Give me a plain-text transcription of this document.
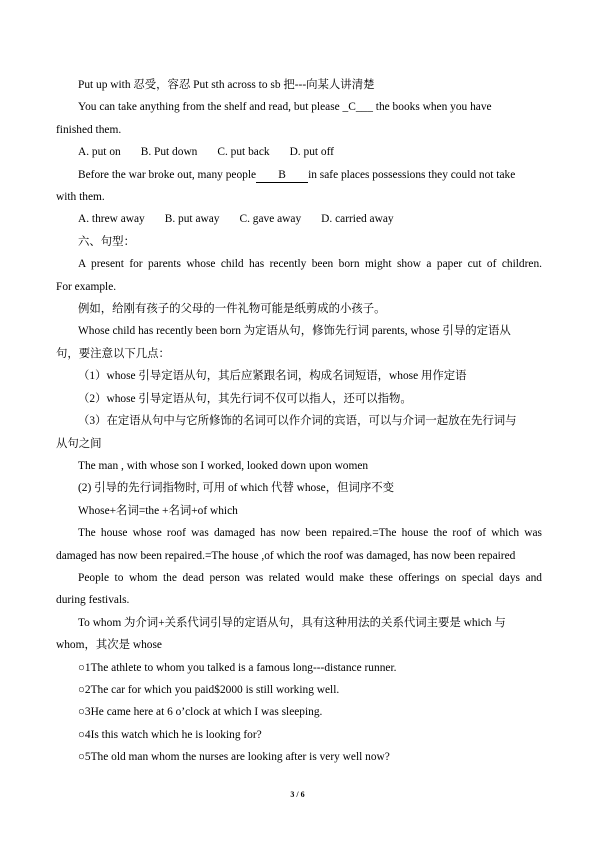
Put up with 忍受，容忍 Put sth across to sb 把---向某人讲清楚
You can take anything from the shelf and read, but please _C___ the books when you have
finished them.
A. put on B. Put down C. put back D. put off
Before the war broke out, many people B in safe places possessions they could not take
with them.
A. threw away B. put away C. gave away D. carried away
六、句型：
A present for parents whose child has recently been born might show a paper cut of children.
For example.
例如，给刚有孩子的父母的一件礼物可能是纸剪成的小孩子。
Whose child has recently been born 为定语从句，修饰先行词 parents, whose 引导的定语从
句，要注意以下几点：
（1）whose 引导定语从句，其后应紧跟名词，构成名词短语，whose 用作定语
（2）whose 引导定语从句，其先行词不仅可以指人，还可以指物。
（3）在定语从句中与它所修饰的名词可以作介词的宾语，可以与介词一起放在先行词与
从句之间
The man , with whose son I worked, looked down upon women
(2) 引导的先行词指物时, 可用 of which 代替 whose，但词序不变
Whose+名词=the +名词+of which
The house whose roof was damaged has now been repaired.=The house the roof of which was
damaged has now been repaired.=The house ,of which the roof was damaged, has now been repaired
People to whom the dead person was related would make these offerings on special days and
during festivals.
To whom 为介词+关系代词引导的定语从句，具有这种用法的关系代词主要是 which 与
whom，其次是 whose
○1The athlete to whom you talked is a famous long---distance runner.
○2The car for which you paid$2000 is still working well.
○3He came here at 6 o’clock at which I was sleeping.
○4Is this watch which he is looking for?
○5The old man whom the nurses are looking after is very well now?
3 / 6
